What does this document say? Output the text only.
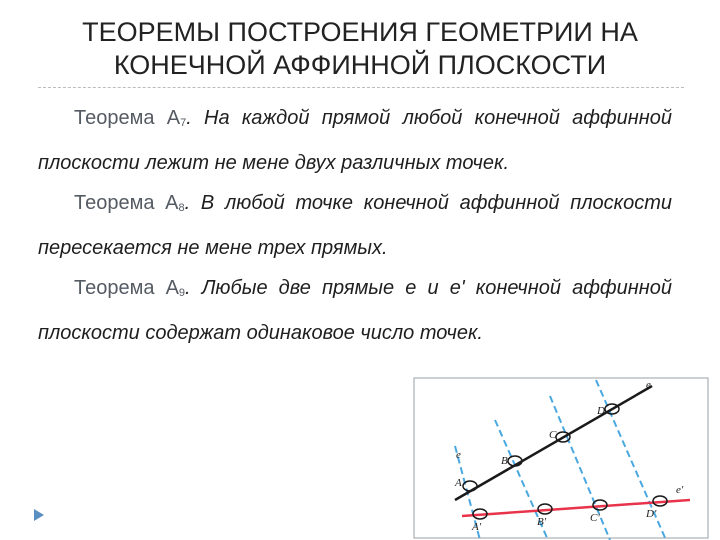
ТЕОРЕМЫ ПОСТРОЕНИЯ ГЕОМЕТРИИ НА КОНЕЧНОЙ АФФИННОЙ ПЛОСКОСТИ

Теорема $А_7$. На каждой прямой любой конечной аффинной плоскости лежит не мене двух различных точек.

Теорема $А_8$. В любой точке конечной аффинной плоскости пересекается не мене трех прямых.

Теорема $А_9$. Любые две прямые е и е' конечной аффинной плоскости содержат одинаковое число точек.

e
e
e'
A
B
C
D
A'	B'	C'	D'
